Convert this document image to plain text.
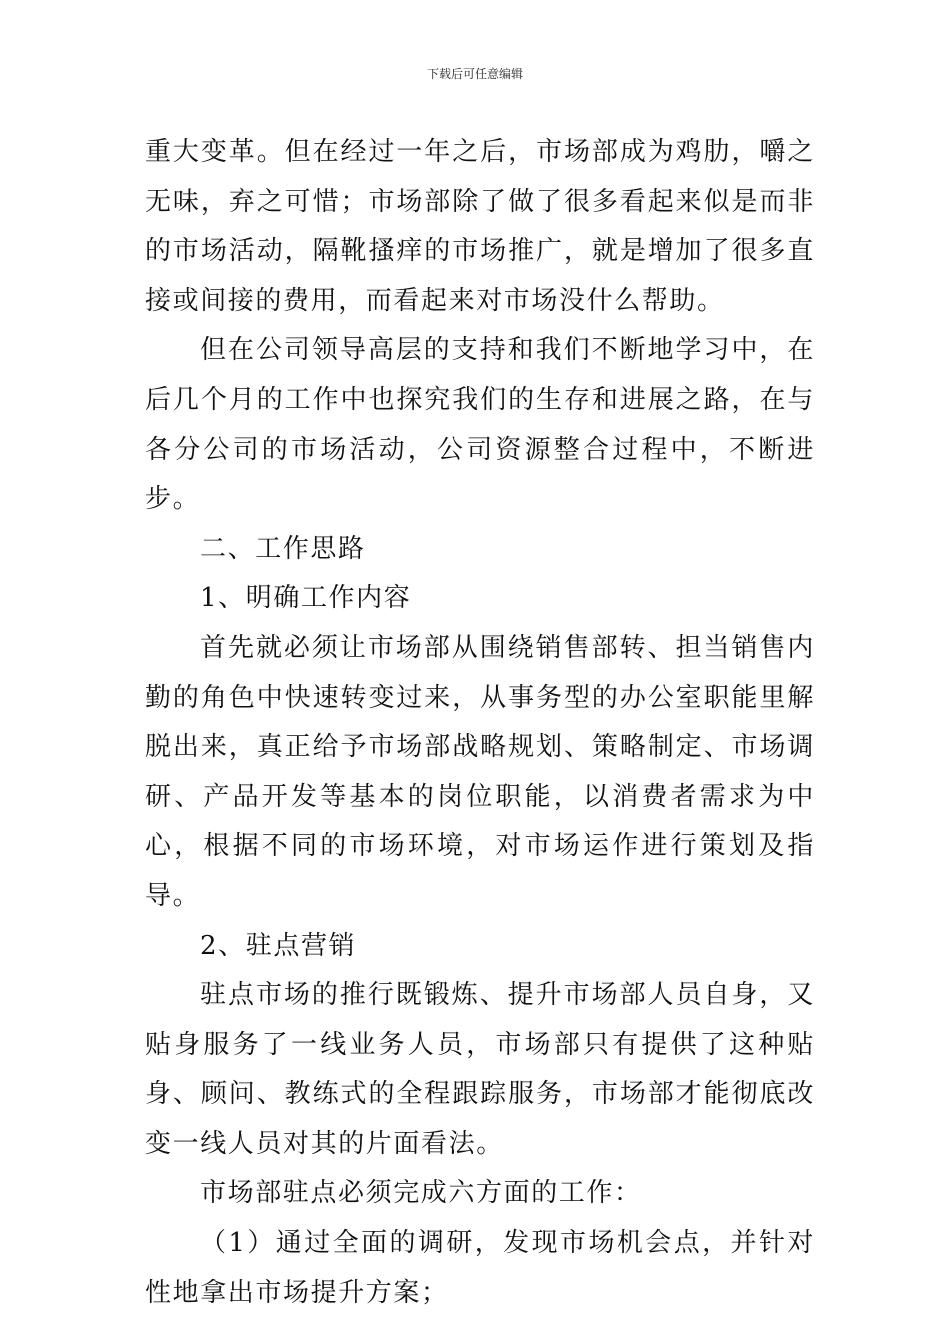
下载后可任意编辑

重大变革。但在经过一年之后，市场部成为鸡肋，嚼之无味，弃之可惜；市场部除了做了很多看起来似是而非的市场活动，隔靴搔痒的市场推广，就是增加了很多直接或间接的费用，而看起来对市场没什么帮助。

但在公司领导高层的支持和我们不断地学习中，在后几个月的工作中也探究我们的生存和进展之路，在与各分公司的市场活动，公司资源整合过程中，不断进步。

二、工作思路

1、明确工作内容

首先就必须让市场部从围绕销售部转、担当销售内勤的角色中快速转变过来，从事务型的办公室职能里解脱出来，真正给予市场部战略规划、策略制定、市场调研、产品开发等基本的岗位职能，以消费者需求为中心，根据不同的市场环境，对市场运作进行策划及指导。

2、驻点营销

驻点市场的推行既锻炼、提升市场部人员自身，又贴身服务了一线业务人员，市场部只有提供了这种贴身、顾问、教练式的全程跟踪服务，市场部才能彻底改变一线人员对其的片面看法。

市场部驻点必须完成六方面的工作：

（1）通过全面的调研，发现市场机会点，并针对性地拿出市场提升方案；
